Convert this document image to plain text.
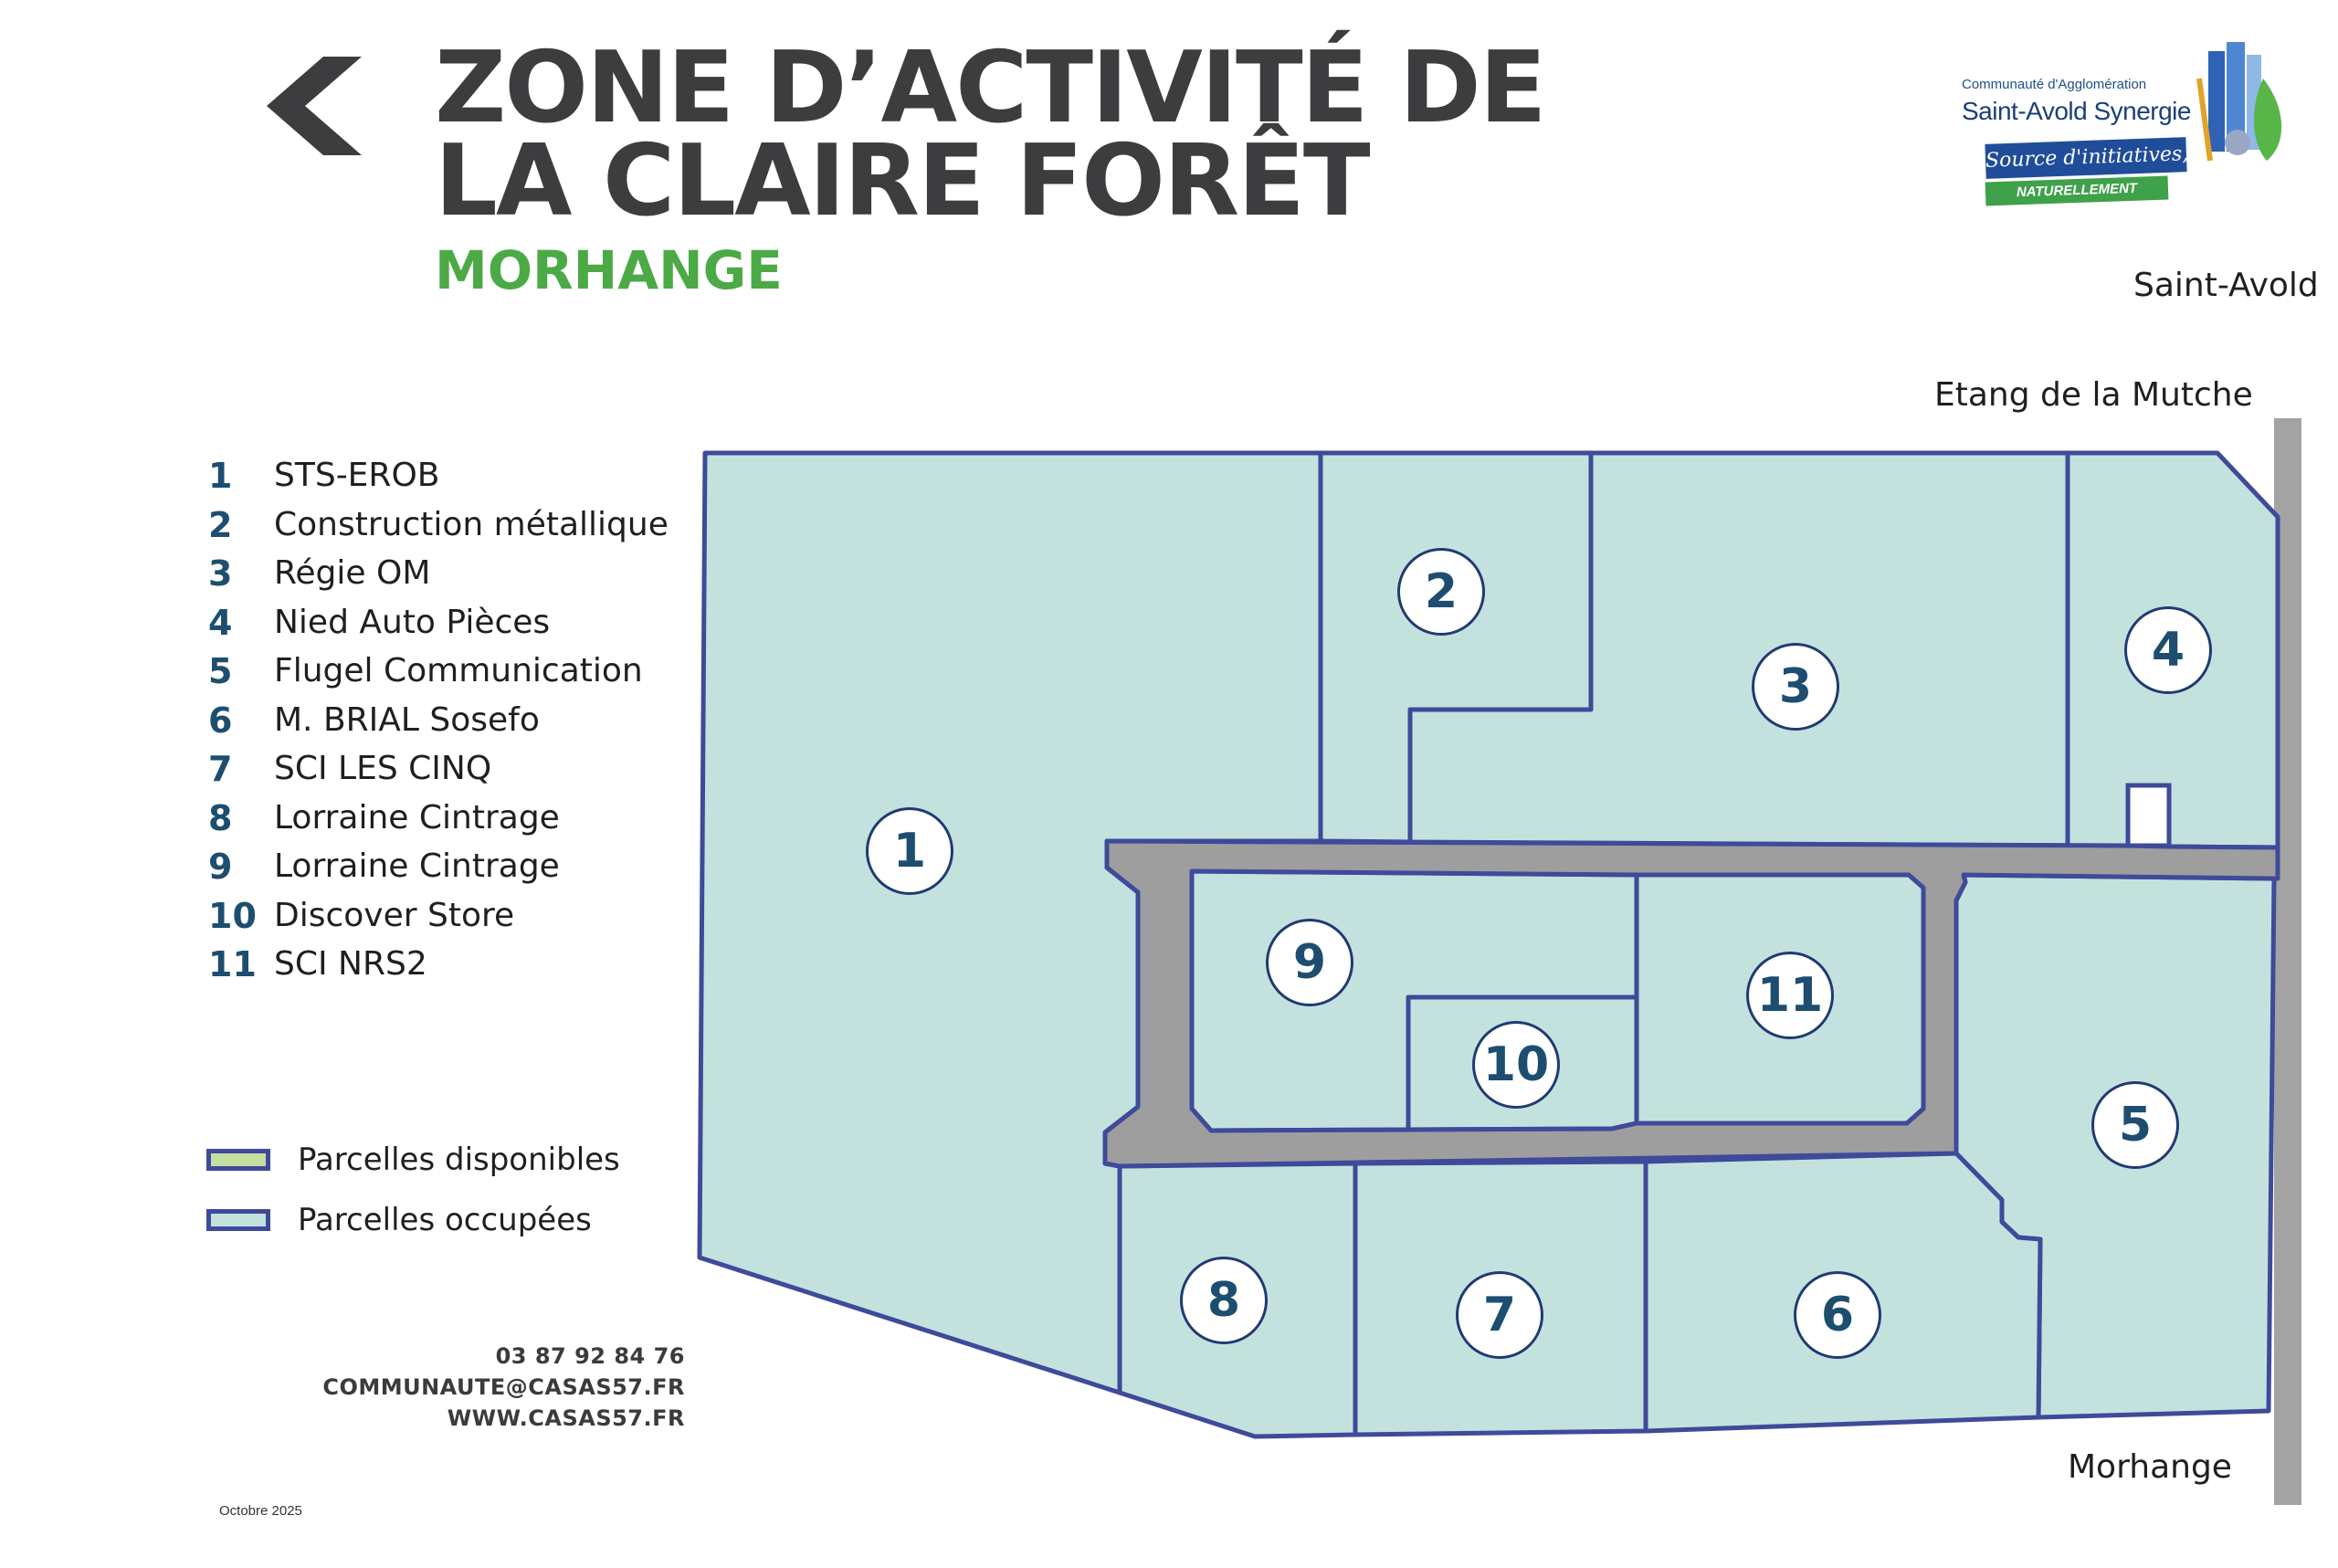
Saint-Avold
Etang de la Mutche
Morhange
1
2
3
4
5
6
7
8
9
10
11
ZONE D’ACTIVITÉ DE
LA CLAIRE FORÊT
MORHANGE
Communauté d'Agglomération
Saint-Avold Synergie
Source d'initiatives,
NATURELLEMENT
1 STS-EROB
2 Construction métallique
3 Régie OM
4 Nied Auto Pièces
5 Flugel Communication
6 M. BRIAL Sosefo
7 SCI LES CINQ
8 Lorraine Cintrage
9 Lorraine Cintrage
10 Discover Store
11 SCI NRS2
Parcelles disponibles
Parcelles occupées
03 87 92 84 76
COMMUNAUTE@CASAS57.FR
WWW.CASAS57.FR
Octobre 2025
